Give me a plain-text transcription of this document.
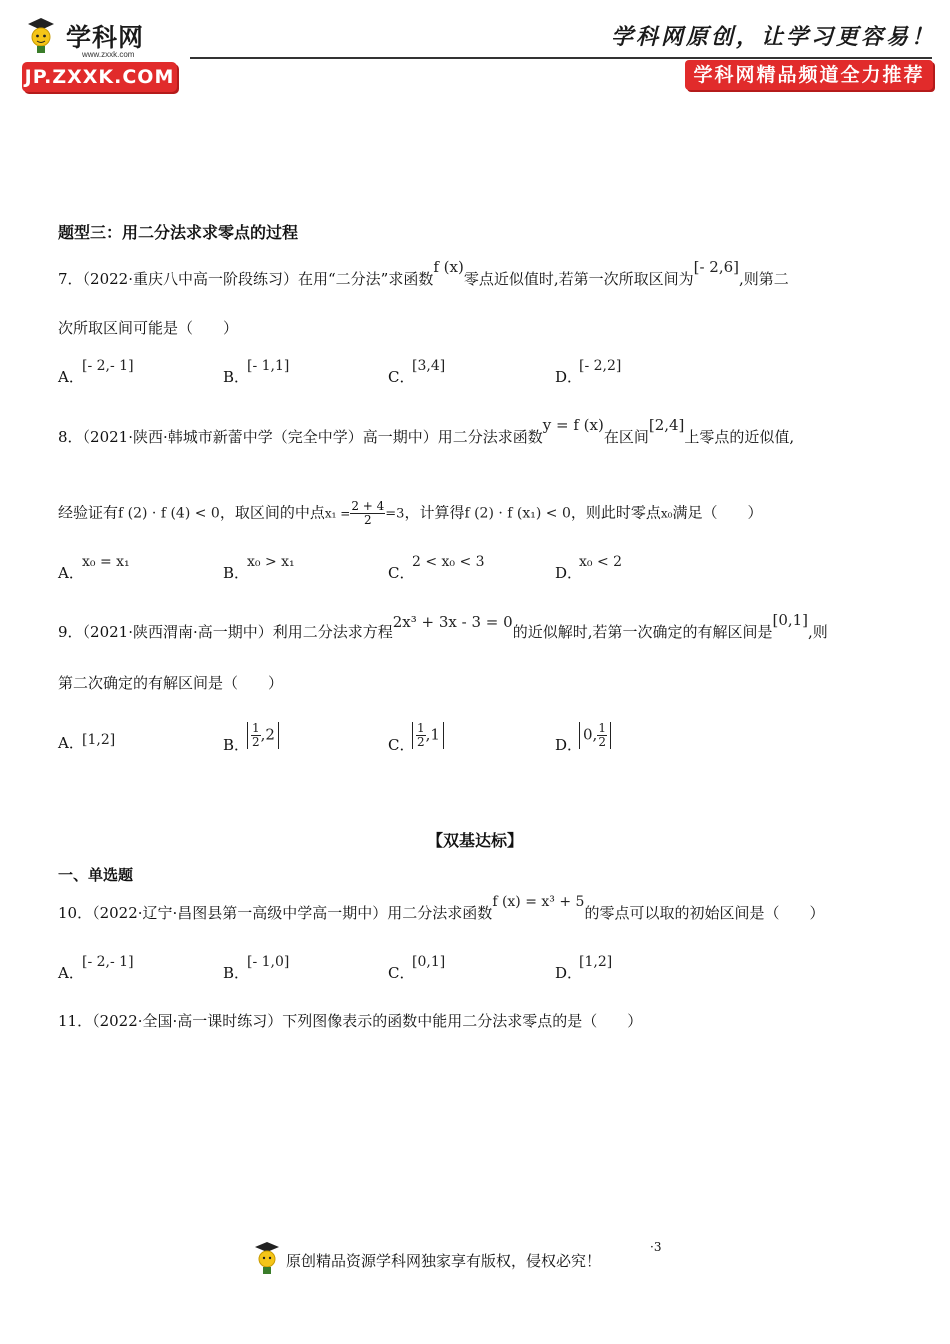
学科网
www.zxxk.com
JP.ZXXK.COM
学科网原创，让学习更容易！
学科网精品频道全力推荐
题型三：用二分法求求零点的过程
7．（2022·重庆八中高一阶段练习）在用“二分法”求函数f (x)零点近似值时,若第一次所取区间为[- 2,6],则第二
次所取区间可能是（　　）
A．[- 2,- 1]
B．[- 1,1]
C．[3,4]
D．[- 2,2]
8．（2021·陕西·韩城市新蕾中学（完全中学）高一期中）用二分法求函数y = f (x)在区间[2,4]上零点的近似值,
经验证有f (2) · f (4) < 0，取区间的中点$x_1 = \frac{2 + 4}{2} =3$，计算得f (2) · f (x₁) < 0，则此时零点x₀满足（　　）
A．x₀ = x₁
B．x₀ > x₁
C．2 < x₀ < 3
D．x₀ < 2
9．（2021·陕西渭南·高一期中）利用二分法求方程2x³ + 3x - 3 = 0的近似解时,若第一次确定的有解区间是[0,1],则
第二次确定的有解区间是（　　）
A．[1,2]	B． $\frac{1}{2} ,2$
C． $\frac{1}{2} ,1$
D．0, $\frac{1}{2}$
【双基达标】
一、单选题
10．（2022·辽宁·昌图县第一高级中学高一期中）用二分法求函数f (x) = x³ + 5的零点可以取的初始区间是（　　）
A．[- 2,- 1]
B．[- 1,0]
C．[0,1]
D．[1,2]
11．（2022·全国·高一课时练习）下列图像表示的函数中能用二分法求零点的是（　　）
原创精品资源学科网独家享有版权，侵权必究！
·3
